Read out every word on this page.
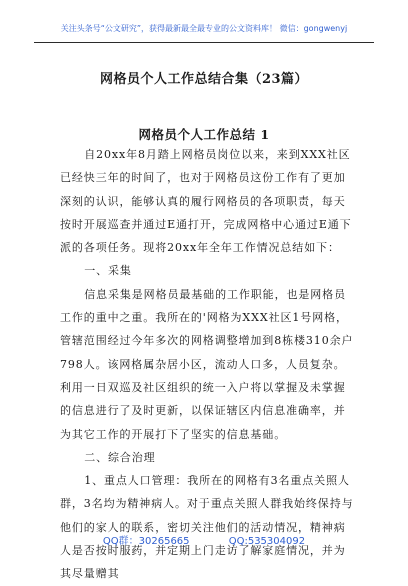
关注头条号“公文研究”，获得最新最全最专业的公文资料库！ 微信：gongwenyj
网格员个人工作总结合集（23篇）
网格员个人工作总结 1

自20xx年8月踏上网格员岗位以来，来到XXX社区已经快三年的时间了，也对于网格员这份工作有了更加深刻的认识，能够认真的履行网格员的各项职责，每天按时开展巡查并通过E通打开，完成网格中心通过E通下派的各项任务。现将20xx年全年工作情况总结如下：

一、采集

信息采集是网格员最基础的工作职能，也是网格员工作的重中之重。我所在的'网格为XXX社区1号网格，管辖范围经过今年多次的网格调整增加到8栋楼310余户798人。该网格属杂居小区，流动人口多，人员复杂。利用一日双巡及社区组织的统一入户将以掌握及未掌握的信息进行了及时更新，以保证辖区内信息准确率，并为其它工作的开展打下了坚实的信息基础。

二、综合治理

1、重点人口管理：我所在的网格有3名重点关照人群，3名均为精神病人。对于重点关照人群我始终保持与他们的家人的联系，密切关注他们的活动情况，精神病人是否按时服药，并定期上门走访了解家庭情况，并为其尽量赠其

QQ群：30265665	QQ:535304092
